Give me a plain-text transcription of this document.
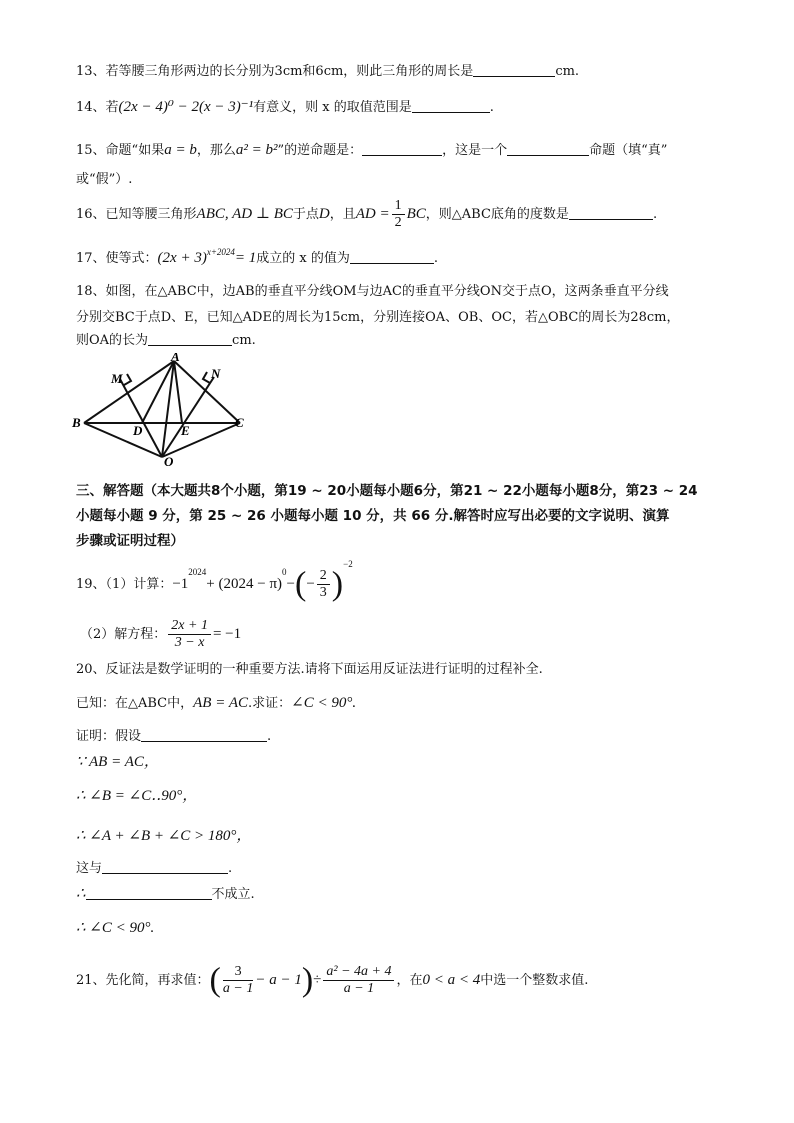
13、若等腰三角形两边的长分别为3cm和6cm，则此三角形的周长是	cm.
14、若(2x − 4)⁰ − 2(x − 3)⁻¹有意义，则 x 的取值范围是	.
15、命题“如果a = b，那么a² = b²”的逆命题是：	，这是一个	命题（填“真”
或“假”）.
16、已知等腰三角形ABC, AD ⊥ BC于点D，且AD = $\frac{1}{2}$ BC，则△ABC底角的度数是	.
17、使等式：$(2x + 3)^{x+2024}= 1$成立的 x 的值为	.
18、如图，在△ABC中，边AB的垂直平分线OM与边AC的垂直平分线ON交于点O，这两条垂直平分线
分别交BC于点D、E，已知△ADE的周长为15cm，分别连接OA、OB、OC，若△OBC的周长为28cm，
则OA的长为	cm.
A
B	C
D	E
M	N
O
三、解答题（本大题共8个小题，第19 ~ 20小题每小题6分，第21 ~ 22小题每小题8分，第23 ~ 24
小题每小题 9 分，第 25 ~ 26 小题每小题 10 分，共 66 分.解答时应写出必要的文字说明、演算
步骤或证明过程）
19、（1）计算：$-1^{2024}+ (2024 - \pi)^0-(- \frac{2}{3} )^{-2}$
（2）解方程： $\frac{2x + 1}{3 - x} = -1$
20、反证法是数学证明的一种重要方法.请将下面运用反证法进行证明的过程补全.
已知：在△ABC中，AB = AC.求证：∠C < 90°.
证明：假设	.
∵ AB = AC，
∴ ∠B = ∠C‥90°，
∴ ∠A + ∠B + ∠C > 180°，
这与	.
∴	不成立.
∴ ∠C < 90°.
21、先化简，再求值：( $\frac{3}{a - 1} - a - 1)\div \frac{\text{a² − 4a + 4}}{a - 1}$ ，在0 < a < 4中选一个整数求值.
